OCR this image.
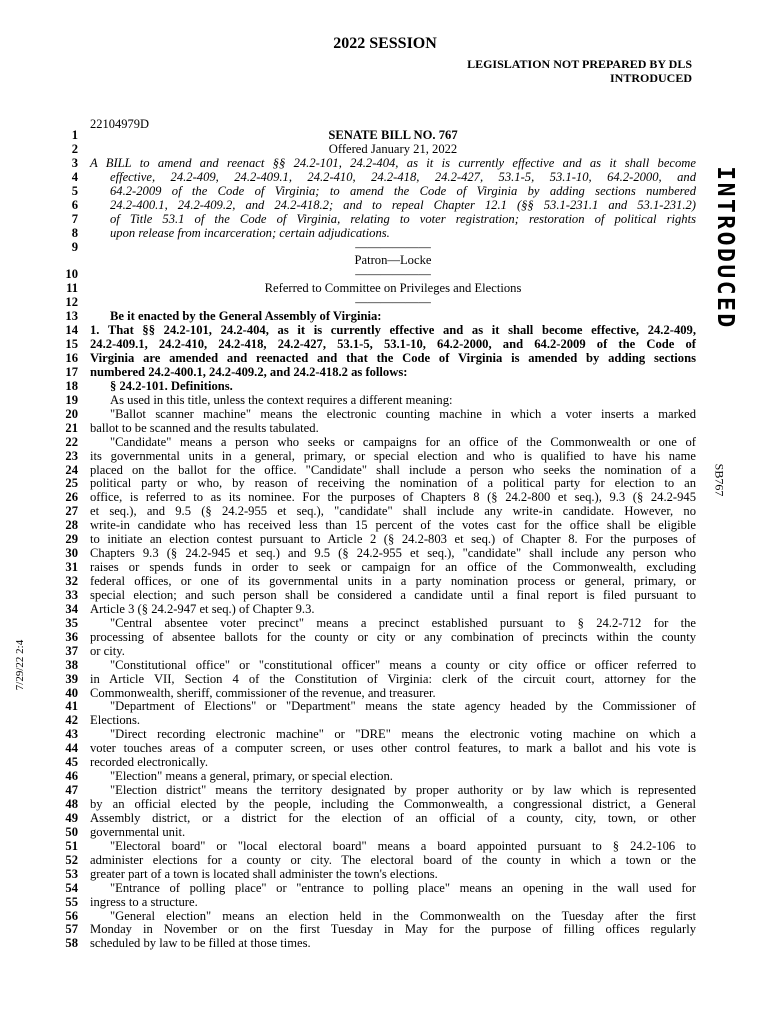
2022 SESSION
LEGISLATION NOT PREPARED BY DLS
INTRODUCED
22104979D
INTRODUCED
SB767
7/29/22 2:4
1	SENATE BILL NO. 767
2	Offered January 21, 2022
3 A BILL to amend and reenact §§ 24.2-101, 24.2-404, as it is currently effective and as it shall become
4	effective, 24.2-409, 24.2-409.1, 24.2-410, 24.2-418, 24.2-427, 53.1-5, 53.1-10, 64.2-2000, and
5	64.2-2009 of the Code of Virginia; to amend the Code of Virginia by adding sections numbered
6	24.2-400.1, 24.2-409.2, and 24.2-418.2; and to repeal Chapter 12.1 (§§ 53.1-231.1 and 53.1-231.2)
7	of Title 53.1 of the Code of Virginia, relating to voter registration; restoration of political rights
8	upon release from incarceration; certain adjudications.
9	——————
Patron—Locke
10	——————
11	Referred to Committee on Privileges and Elections
12	——————
13	Be it enacted by the General Assembly of Virginia:
14 1. That §§ 24.2-101, 24.2-404, as it is currently effective and as it shall become effective, 24.2-409,
15 24.2-409.1, 24.2-410, 24.2-418, 24.2-427, 53.1-5, 53.1-10, 64.2-2000, and 64.2-2009 of the Code of
16 Virginia are amended and reenacted and that the Code of Virginia is amended by adding sections
17 numbered 24.2-400.1, 24.2-409.2, and 24.2-418.2 as follows:
18	§ 24.2-101. Definitions.
19	As used in this title, unless the context requires a different meaning:
20	"Ballot scanner machine" means the electronic counting machine in which a voter inserts a marked
21 ballot to be scanned and the results tabulated.
22	"Candidate" means a person who seeks or campaigns for an office of the Commonwealth or one of
23 its governmental units in a general, primary, or special election and who is qualified to have his name
24 placed on the ballot for the office. "Candidate" shall include a person who seeks the nomination of a
25 political party or who, by reason of receiving the nomination of a political party for election to an
26 office, is referred to as its nominee. For the purposes of Chapters 8 (§ 24.2-800 et seq.), 9.3 (§ 24.2-945
27 et seq.), and 9.5 (§ 24.2-955 et seq.), "candidate" shall include any write-in candidate. However, no
28 write-in candidate who has received less than 15 percent of the votes cast for the office shall be eligible
29 to initiate an election contest pursuant to Article 2 (§ 24.2-803 et seq.) of Chapter 8. For the purposes of
30 Chapters 9.3 (§ 24.2-945 et seq.) and 9.5 (§ 24.2-955 et seq.), "candidate" shall include any person who
31 raises or spends funds in order to seek or campaign for an office of the Commonwealth, excluding
32 federal offices, or one of its governmental units in a party nomination process or general, primary, or
33 special election; and such person shall be considered a candidate until a final report is filed pursuant to
34 Article 3 (§ 24.2-947 et seq.) of Chapter 9.3.
35	"Central absentee voter precinct" means a precinct established pursuant to § 24.2-712 for the
36 processing of absentee ballots for the county or city or any combination of precincts within the county
37 or city.
38	"Constitutional office" or "constitutional officer" means a county or city office or officer referred to
39 in Article VII, Section 4 of the Constitution of Virginia: clerk of the circuit court, attorney for the
40 Commonwealth, sheriff, commissioner of the revenue, and treasurer.
41	"Department of Elections" or "Department" means the state agency headed by the Commissioner of
42 Elections.
43	"Direct recording electronic machine" or "DRE" means the electronic voting machine on which a
44 voter touches areas of a computer screen, or uses other control features, to mark a ballot and his vote is
45 recorded electronically.
46	"Election" means a general, primary, or special election.
47	"Election district" means the territory designated by proper authority or by law which is represented
48 by an official elected by the people, including the Commonwealth, a congressional district, a General
49 Assembly district, or a district for the election of an official of a county, city, town, or other
50 governmental unit.
51	"Electoral board" or "local electoral board" means a board appointed pursuant to § 24.2-106 to
52 administer elections for a county or city. The electoral board of the county in which a town or the
53 greater part of a town is located shall administer the town's elections.
54	"Entrance of polling place" or "entrance to polling place" means an opening in the wall used for
55 ingress to a structure.
56	"General election" means an election held in the Commonwealth on the Tuesday after the first
57 Monday in November or on the first Tuesday in May for the purpose of filling offices regularly
58 scheduled by law to be filled at those times.
